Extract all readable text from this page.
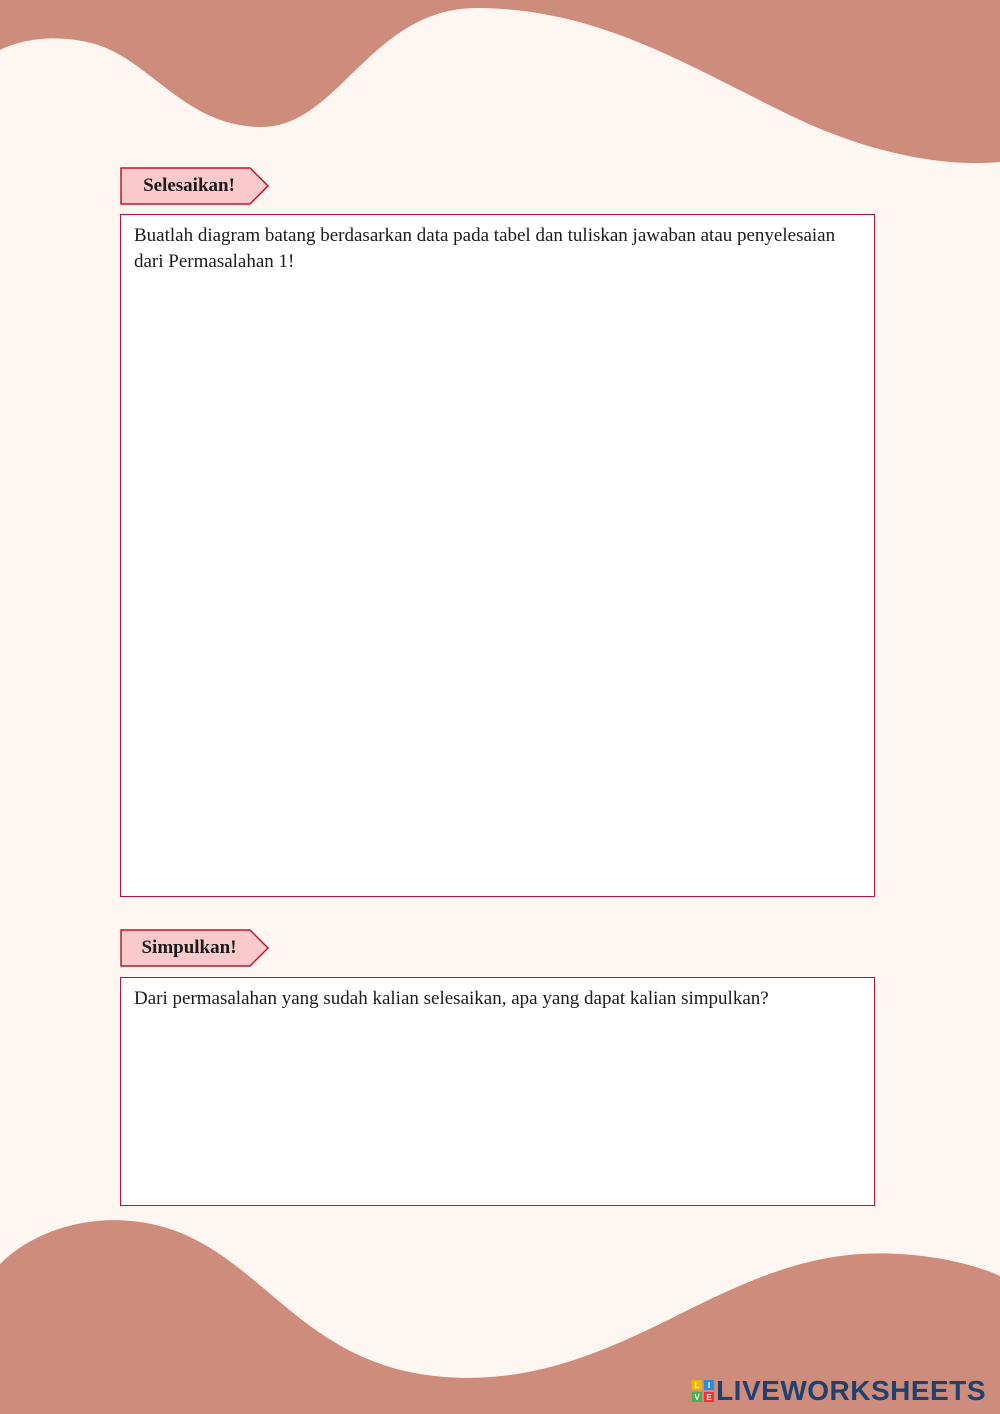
Selesaikan!

Buatlah diagram batang berdasarkan data pada tabel dan tuliskan jawaban atau penyelesaian dari Permasalahan 1!

Simpulkan!

Dari permasalahan yang sudah kalian selesaikan, apa yang dapat kalian simpulkan?

L I
V E LIVEWORKSHEETS
